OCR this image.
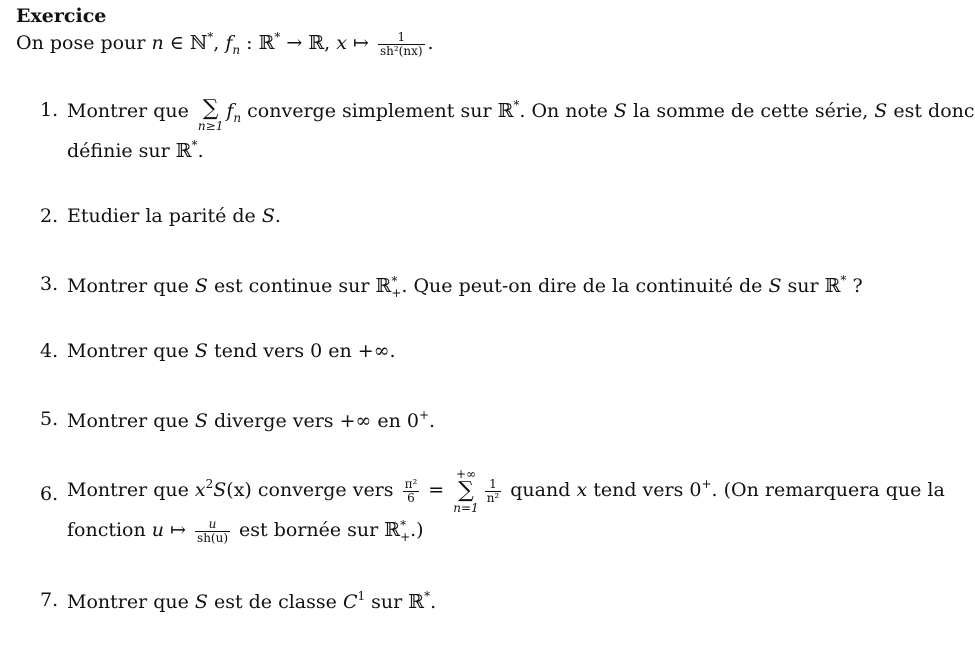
Exercice
On pose pour n ∈ ℕ*, $f_n$ : ℝ* → ℝ, x ↦ $\frac{1}{\text{sh²(nx)}}$ .
1. Montrer que ∑
n≥1
$f_n$ converge simplement sur ℝ*. On note S la somme de cette série, S est donc
définie sur ℝ*.
2. Etudier la parité de S.
3. Montrer que S est continue sur ℝ *
+ . Que peut-on dire de la continuité de S sur ℝ* ?
4. Montrer que S tend vers 0 en +∞.
5. Montrer que S diverge vers +∞ en 0+.
6. Montrer que $x^2S(x)$ converge vers $\frac{\text{π²}}{6}$ =
+∞
∑
n=1
$\frac{1}{\text{n²}}$ quand x tend vers 0+. (On remarquera que la
fonction u ↦ $\frac{u}{sh(u)}$ est bornée sur ℝ *
+ .)
7. Montrer que S est de classe $C^1$ sur ℝ*.
